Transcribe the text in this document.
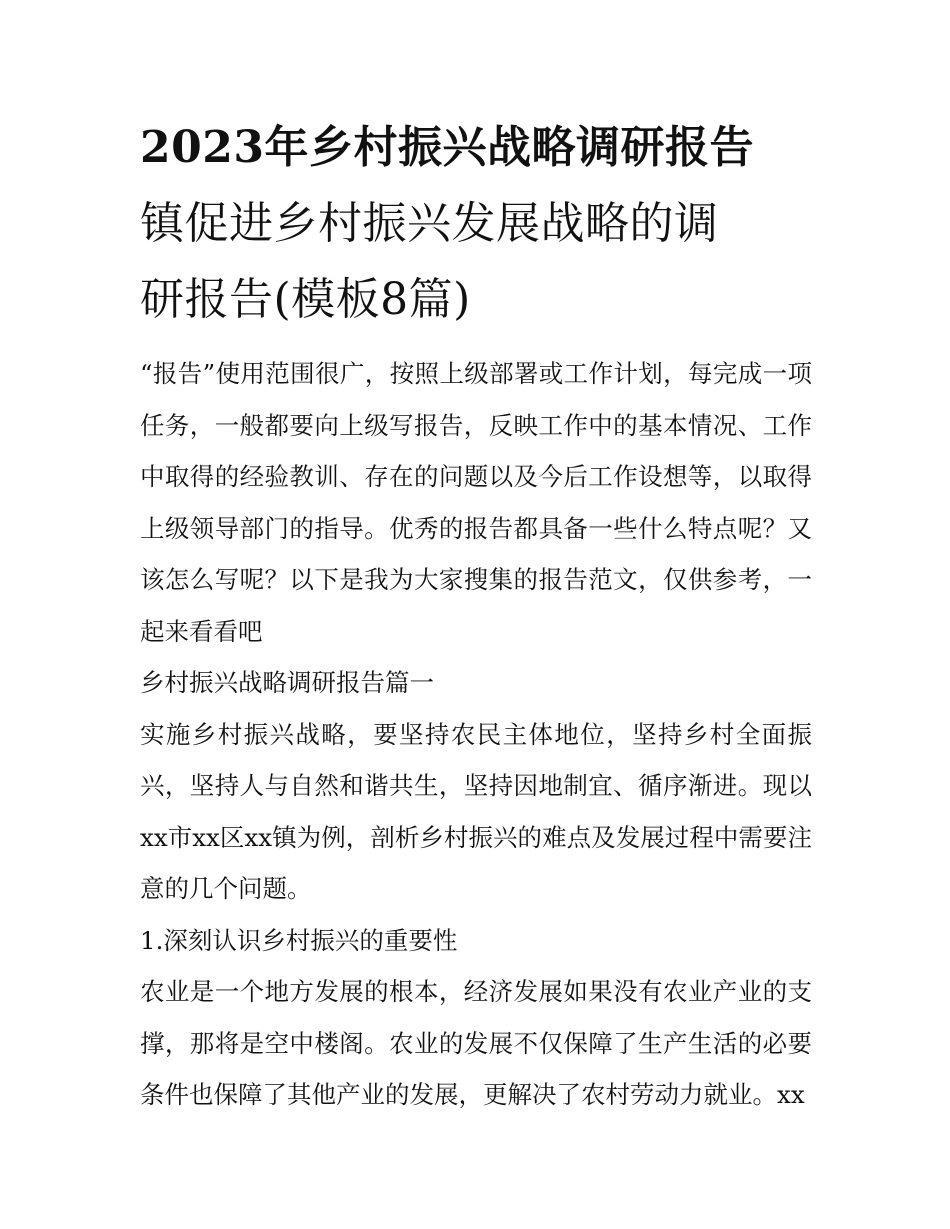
2023年乡村振兴战略调研报告
镇促进乡村振兴发展战略的调
研报告(模板8篇)

“报告”使用范围很广，按照上级部署或工作计划，每完成一项任务，一般都要向上级写报告，反映工作中的基本情况、工作中取得的经验教训、存在的问题以及今后工作设想等，以取得上级领导部门的指导。优秀的报告都具备一些什么特点呢？又该怎么写呢？以下是我为大家搜集的报告范文，仅供参考，一起来看看吧

乡村振兴战略调研报告篇一

实施乡村振兴战略，要坚持农民主体地位，坚持乡村全面振兴，坚持人与自然和谐共生，坚持因地制宜、循序渐进。现以xx市xx区xx镇为例，剖析乡村振兴的难点及发展过程中需要注意的几个问题。

1.深刻认识乡村振兴的重要性

农业是一个地方发展的根本，经济发展如果没有农业产业的支撑，那将是空中楼阁。农业的发展不仅保障了生产生活的必要条件也保障了其他产业的发展，更解决了农村劳动力就业。xx
